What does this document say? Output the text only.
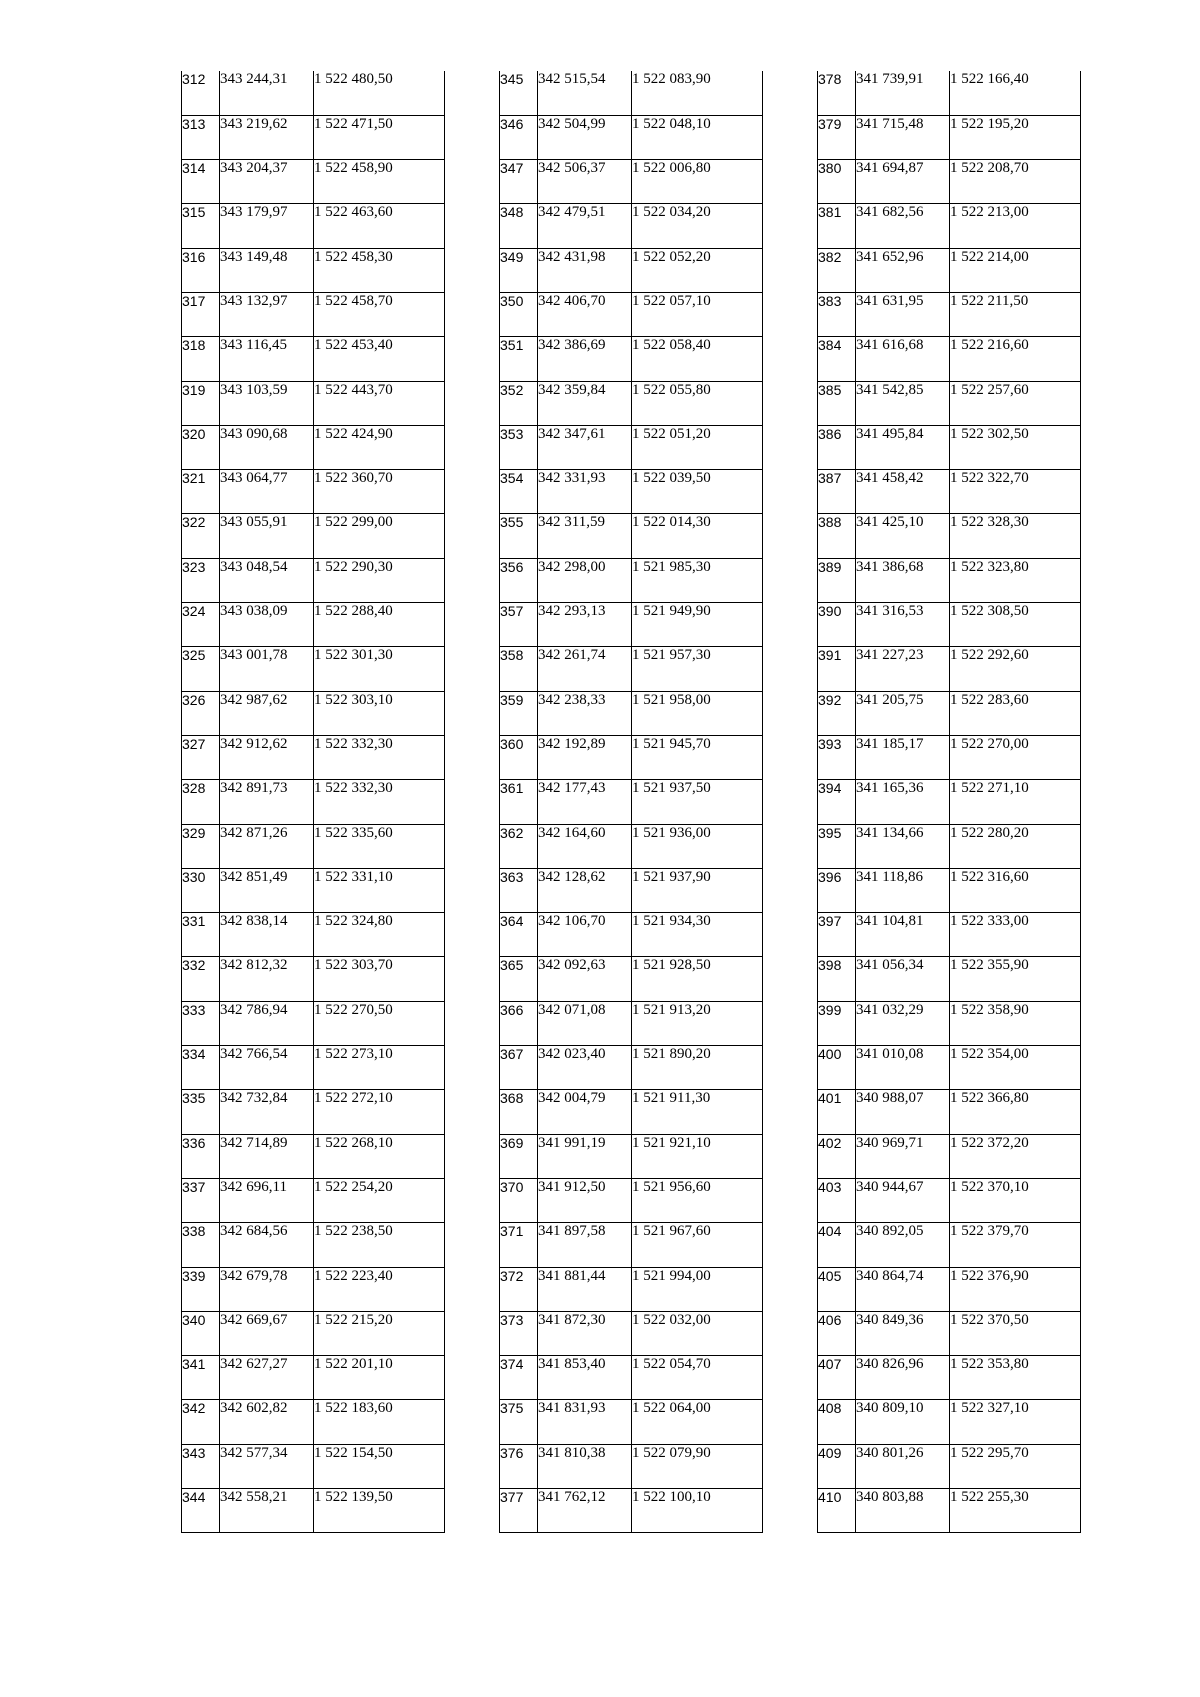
312	343 244,31	1 522 480,50
313	343 219,62	1 522 471,50
314	343 204,37	1 522 458,90
315	343 179,97	1 522 463,60
316	343 149,48	1 522 458,30
317	343 132,97	1 522 458,70
318	343 116,45	1 522 453,40
319	343 103,59	1 522 443,70
320	343 090,68	1 522 424,90
321	343 064,77	1 522 360,70
322	343 055,91	1 522 299,00
323	343 048,54	1 522 290,30
324	343 038,09	1 522 288,40
325	343 001,78	1 522 301,30
326	342 987,62	1 522 303,10
327	342 912,62	1 522 332,30
328	342 891,73	1 522 332,30
329	342 871,26	1 522 335,60
330	342 851,49	1 522 331,10
331	342 838,14	1 522 324,80
332	342 812,32	1 522 303,70
333	342 786,94	1 522 270,50
334	342 766,54	1 522 273,10
335	342 732,84	1 522 272,10
336	342 714,89	1 522 268,10
337	342 696,11	1 522 254,20
338	342 684,56	1 522 238,50
339	342 679,78	1 522 223,40
340	342 669,67	1 522 215,20
341	342 627,27	1 522 201,10
342	342 602,82	1 522 183,60
343	342 577,34	1 522 154,50
344	342 558,21	1 522 139,50
345	342 515,54	1 522 083,90
346	342 504,99	1 522 048,10
347	342 506,37	1 522 006,80
348	342 479,51	1 522 034,20
349	342 431,98	1 522 052,20
350	342 406,70	1 522 057,10
351	342 386,69	1 522 058,40
352	342 359,84	1 522 055,80
353	342 347,61	1 522 051,20
354	342 331,93	1 522 039,50
355	342 311,59	1 522 014,30
356	342 298,00	1 521 985,30
357	342 293,13	1 521 949,90
358	342 261,74	1 521 957,30
359	342 238,33	1 521 958,00
360	342 192,89	1 521 945,70
361	342 177,43	1 521 937,50
362	342 164,60	1 521 936,00
363	342 128,62	1 521 937,90
364	342 106,70	1 521 934,30
365	342 092,63	1 521 928,50
366	342 071,08	1 521 913,20
367	342 023,40	1 521 890,20
368	342 004,79	1 521 911,30
369	341 991,19	1 521 921,10
370	341 912,50	1 521 956,60
371	341 897,58	1 521 967,60
372	341 881,44	1 521 994,00
373	341 872,30	1 522 032,00
374	341 853,40	1 522 054,70
375	341 831,93	1 522 064,00
376	341 810,38	1 522 079,90
377	341 762,12	1 522 100,10
378	341 739,91	1 522 166,40
379	341 715,48	1 522 195,20
380	341 694,87	1 522 208,70
381	341 682,56	1 522 213,00
382	341 652,96	1 522 214,00
383	341 631,95	1 522 211,50
384	341 616,68	1 522 216,60
385	341 542,85	1 522 257,60
386	341 495,84	1 522 302,50
387	341 458,42	1 522 322,70
388	341 425,10	1 522 328,30
389	341 386,68	1 522 323,80
390	341 316,53	1 522 308,50
391	341 227,23	1 522 292,60
392	341 205,75	1 522 283,60
393	341 185,17	1 522 270,00
394	341 165,36	1 522 271,10
395	341 134,66	1 522 280,20
396	341 118,86	1 522 316,60
397	341 104,81	1 522 333,00
398	341 056,34	1 522 355,90
399	341 032,29	1 522 358,90
400	341 010,08	1 522 354,00
401	340 988,07	1 522 366,80
402	340 969,71	1 522 372,20
403	340 944,67	1 522 370,10
404	340 892,05	1 522 379,70
405	340 864,74	1 522 376,90
406	340 849,36	1 522 370,50
407	340 826,96	1 522 353,80
408	340 809,10	1 522 327,10
409	340 801,26	1 522 295,70
410	340 803,88	1 522 255,30
